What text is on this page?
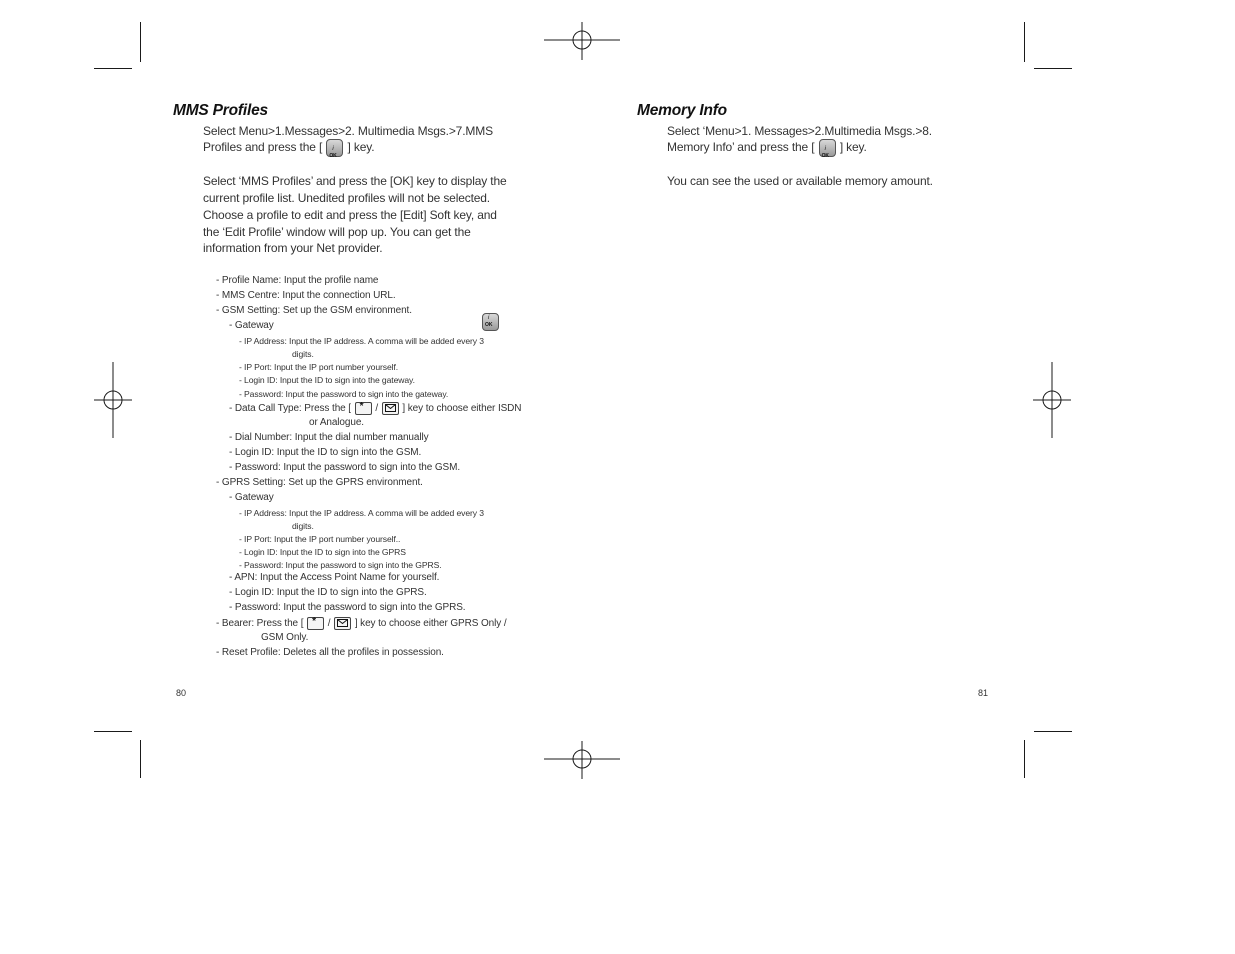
MMS Profiles
Select Menu>1.Messages>2. Multimedia Msgs.>7.MMS
Profiles and press the [ i
OK
] key.
Select ‘MMS Profiles’ and press the [OK] key to display the
current profile list. Unedited profiles will not be selected.
Choose a profile to edit and press the [Edit] Soft key, and
the ‘Edit Profile’ window will pop up. You can get the
information from your Net provider.
- Profile Name: Input the profile name
- MMS Centre: Input the connection URL.
- GSM Setting: Set up the GSM environment.
i
OK
- Gateway
- IP Address: Input the IP address. A comma will be added every 3
digits.
- IP Port: Input the IP port number yourself.
- Login ID: Input the ID to sign into the gateway.
- Password: Input the password to sign into the gateway.
- Data Call Type: Press the [ * / ] key to choose either ISDN
or Analogue.
- Dial Number: Input the dial number manually
- Login ID: Input the ID to sign into the GSM.
- Password: Input the password to sign into the GSM.
- GPRS Setting: Set up the GPRS environment.
- Gateway
- IP Address: Input the IP address. A comma will be added every 3
digits.
- IP Port: Input the IP port number yourself..
- Login ID: Input the ID to sign into the GPRS
- Password: Input the password to sign into the GPRS.
- APN: Input the Access Point Name for yourself.
- Login ID: Input the ID to sign into the GPRS.
- Password: Input the password to sign into the GPRS.
- Bearer: Press the [ * / ] key to choose either GPRS Only /
GSM Only.
- Reset Profile: Deletes all the profiles in possession.
80
Memory Info
Select ‘Menu>1. Messages>2.Multimedia Msgs.>8.
Memory Info’ and press the [ i
OK
] key.
You can see the used or available memory amount.
81
